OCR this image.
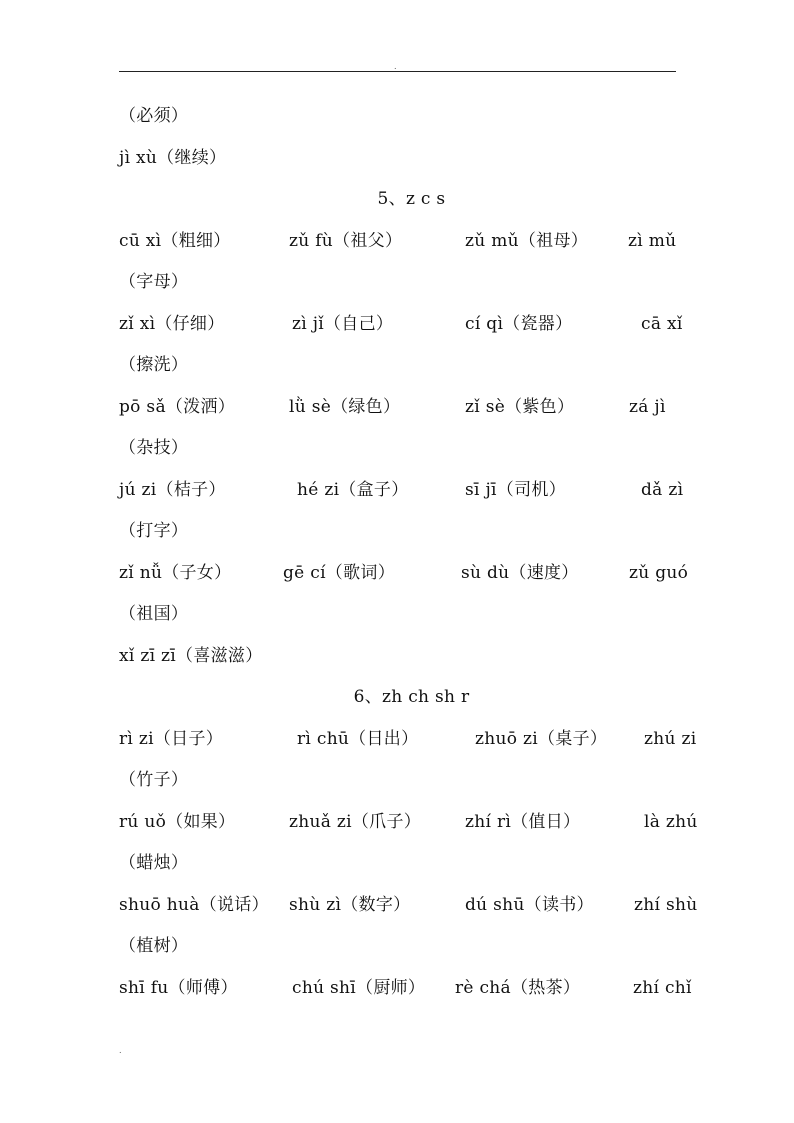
.
（必须）
jì xù（继续）
5、z c s
cū xì（粗细）	zǔ fù（祖父）	zǔ mǔ（祖母） zì mǔ
（字母）
zǐ xì（仔细）	zì jǐ（自己）	cí qì（瓷器）	cā xǐ
（擦洗）
pō sǎ（泼洒）	lǜ sè（绿色）	zǐ sè（紫色）	zá jì
（杂技）
jú zi（桔子）	hé zi（盒子）	sī jī（司机）	dǎ zì
（打字）
zǐ nǚ（子女）	gē cí（歌词）	sù dù（速度）	zǔ guó
（祖国）
xǐ zī zī（喜滋滋）
6、zh ch sh r
rì zi（日子）	rì chū（日出）	zhuō zi（桌子） zhú zi
（竹子）
rú uǒ（如果）	zhuǎ zi（爪子）	zhí rì（值日）	là zhú
（蜡烛）
shuō huà（说话） shù zì（数字）	dú shū（读书） zhí shù
（植树）
shī fu（师傅）	chú shī（厨师） rè chá（热茶）	zhí chǐ
.
